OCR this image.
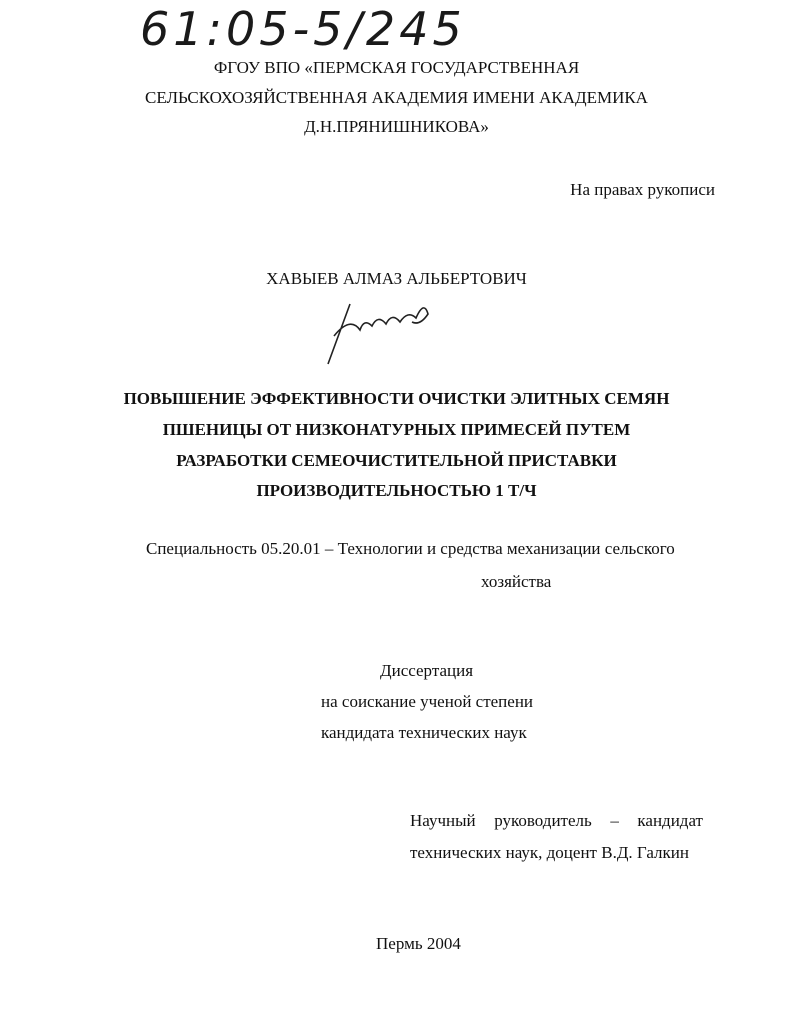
61:05-5/245
ФГОУ ВПО «ПЕРМСКАЯ ГОСУДАРСТВЕННАЯ
СЕЛЬСКОХОЗЯЙСТВЕННАЯ АКАДЕМИЯ ИМЕНИ АКАДЕМИКА
Д.Н.ПРЯНИШНИКОВА»
На правах рукописи
ХАВЫЕВ АЛМАЗ АЛЬБЕРТОВИЧ
ПОВЫШЕНИЕ ЭФФЕКТИВНОСТИ ОЧИСТКИ ЭЛИТНЫХ СЕМЯН
ПШЕНИЦЫ ОТ НИЗКОНАТУРНЫХ ПРИМЕСЕЙ ПУТЕМ
РАЗРАБОТКИ СЕМЕОЧИСТИТЕЛЬНОЙ ПРИСТАВКИ
ПРОИЗВОДИТЕЛЬНОСТЬЮ 1 Т/Ч
Специальность 05.20.01 – Технологии и средства механизации сельского
хозяйства
Диссертация
на соискание ученой степени
кандидата технических наук
Научный руководитель – кандидат
технических наук, доцент В.Д. Галкин
Пермь 2004
